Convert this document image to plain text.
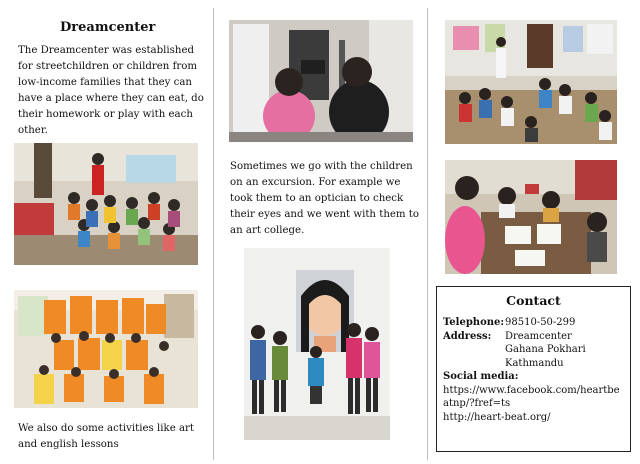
Dreamcenter
The Dreamcenter was established for streetchildren or children from low-income families that they can have a place where they can eat, do their homework or play with each other.
We also do some activities like art and english lessons
Sometimes we go with the children on an excursion. For example we took them to an optician to check their eyes and we went with them to an art college.
Contact
Telephone: 98510-50-299
Address:	Dreamcenter
Gahana Pokhari
Kathmandu
Social media:
https://www.facebook.com/heartbeatnp/?fref=ts
http://heart-beat.org/
